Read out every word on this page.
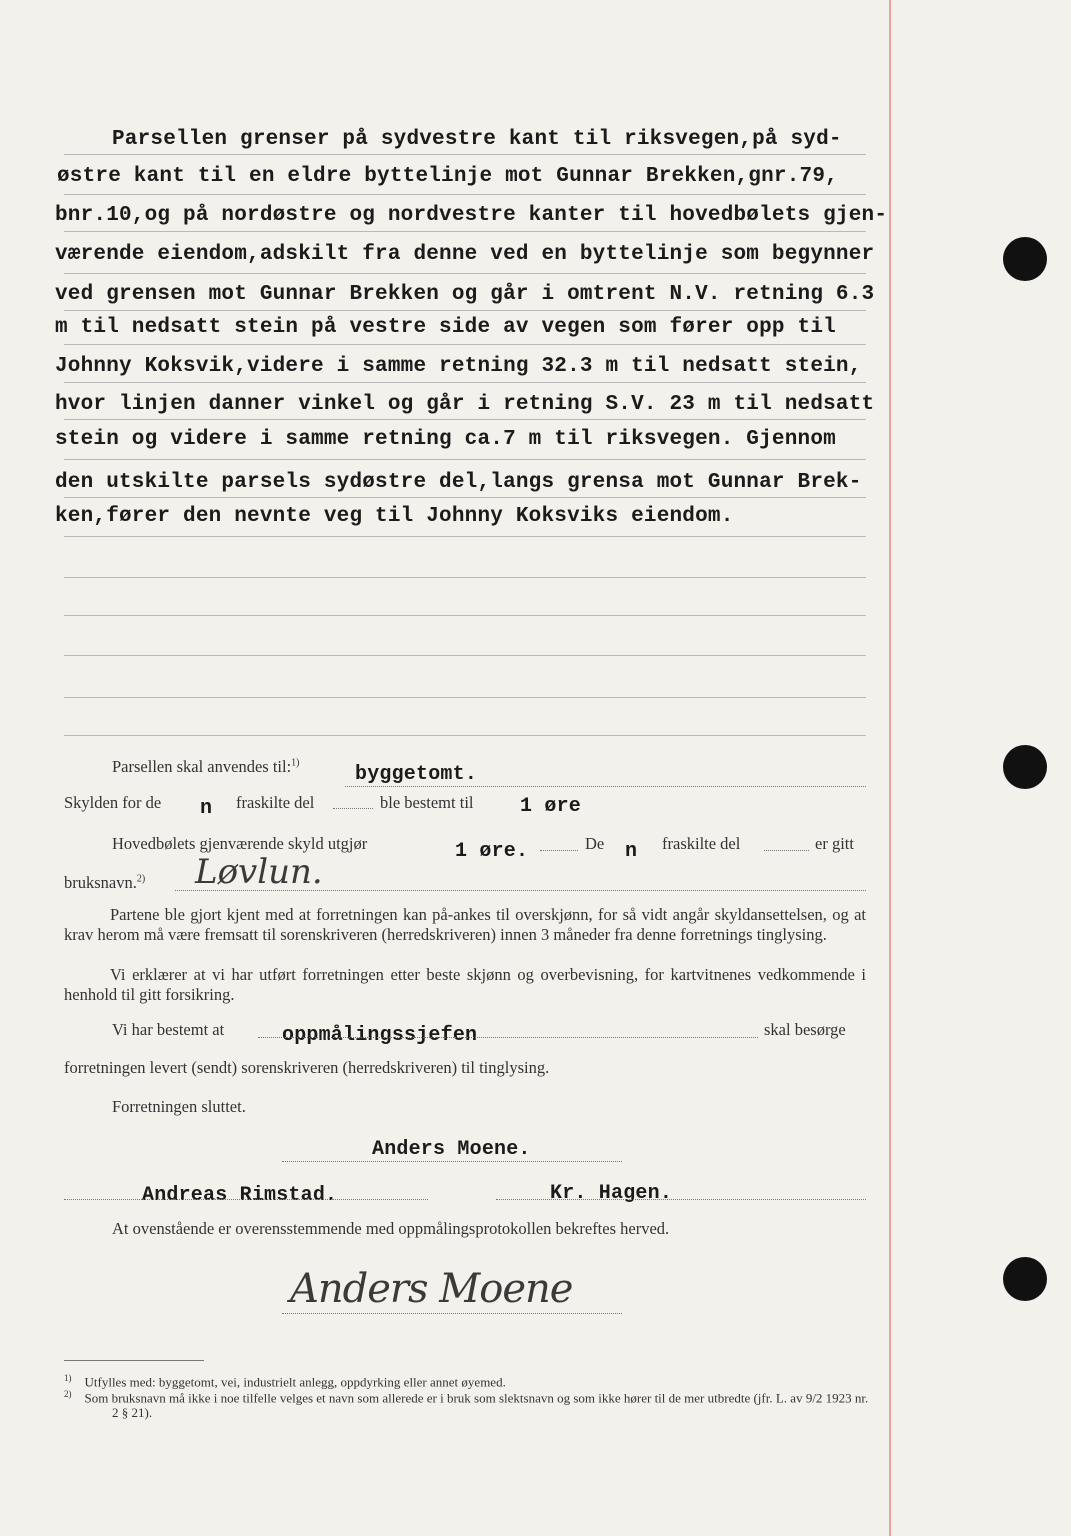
Parsellen grenser på sydvestre kant til riksvegen,på syd-
østre kant til en eldre byttelinje mot Gunnar Brekken,gnr.79,
bnr.10,og på nordøstre og nordvestre kanter til hovedbølets gjen-
værende eiendom,adskilt fra denne ved en byttelinje som begynner
ved grensen mot Gunnar Brekken og går i omtrent N.V. retning 6.3
m til nedsatt stein på vestre side av vegen som fører opp til
Johnny Koksvik,videre i samme retning 32.3 m til nedsatt stein,
hvor linjen danner vinkel og går i retning S.V. 23 m til nedsatt
stein og videre i samme retning ca.7 m til riksvegen. Gjennom
den utskilte parsels sydøstre del,langs grensa mot Gunnar Brek-
ken,fører den nevnte veg til Johnny Koksviks eiendom.
Parsellen skal anvendes til:$^{1)}$	byggetomt.
Skylden for de n fraskilte del	ble bestemt til 1 øre
Hovedbølets gjenværende skyld utgjør	1 øre.	De n fraskilte del	er gitt
bruksnavn.$^{2)}$ Løvlun.
Partene ble gjort kjent med at forretningen kan på-ankes til overskjønn, for så vidt angår skyldansettelsen, og at krav herom må være fremsatt til sorenskriveren (herredskriveren) innen 3 måneder fra denne forretnings tinglysing.
Vi erklærer at vi har utført forretningen etter beste skjønn og overbevisning, for kartvitnenes vedkommende i henhold til gitt forsikring.
Vi har bestemt at	oppmålingssjefen	skal besørge
forretningen levert (sendt) sorenskriveren (herredskriveren) til tinglysing.
Forretningen sluttet.
Anders Moene.
Andreas Rimstad.	Kr. Hagen.
At ovenstående er overensstemmende med oppmålingsprotokollen bekreftes herved.
Anders Moene
$^{1)}$ Utfylles med: byggetomt, vei, industrielt anlegg, oppdyrking eller annet øyemed.
$^{2)}$ Som bruksnavn må ikke i noe tilfelle velges et navn som allerede er i bruk som slektsnavn og som ikke hører til de mer utbredte (jfr. L. av 9/2 1923 nr. 2 § 21).
